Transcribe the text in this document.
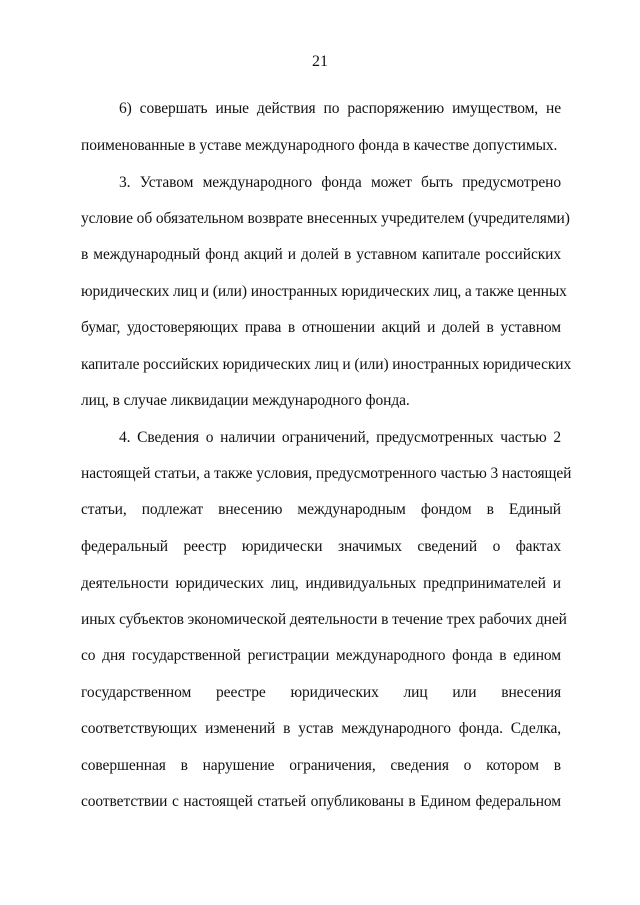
21
6) совершать иные действия по распоряжению имуществом, не
поименованные в уставе международного фонда в качестве допустимых.
3. Уставом международного фонда может быть предусмотрено
условие об обязательном возврате внесенных учредителем (учредителями)
в международный фонд акций и долей в уставном капитале российских
юридических лиц и (или) иностранных юридических лиц, а также ценных
бумаг, удостоверяющих права в отношении акций и долей в уставном
капитале российских юридических лиц и (или) иностранных юридических
лиц, в случае ликвидации международного фонда.
4. Сведения о наличии ограничений, предусмотренных частью 2
настоящей статьи, а также условия, предусмотренного частью 3 настоящей
статьи, подлежат внесению международным фондом в Единый
федеральный реестр юридически значимых сведений о фактах
деятельности юридических лиц, индивидуальных предпринимателей и
иных субъектов экономической деятельности в течение трех рабочих дней
со дня государственной регистрации международного фонда в едином
государственном реестре юридических лиц или внесения
соответствующих изменений в устав международного фонда. Сделка,
совершенная в нарушение ограничения, сведения о котором в
соответствии с настоящей статьей опубликованы в Едином федеральном
